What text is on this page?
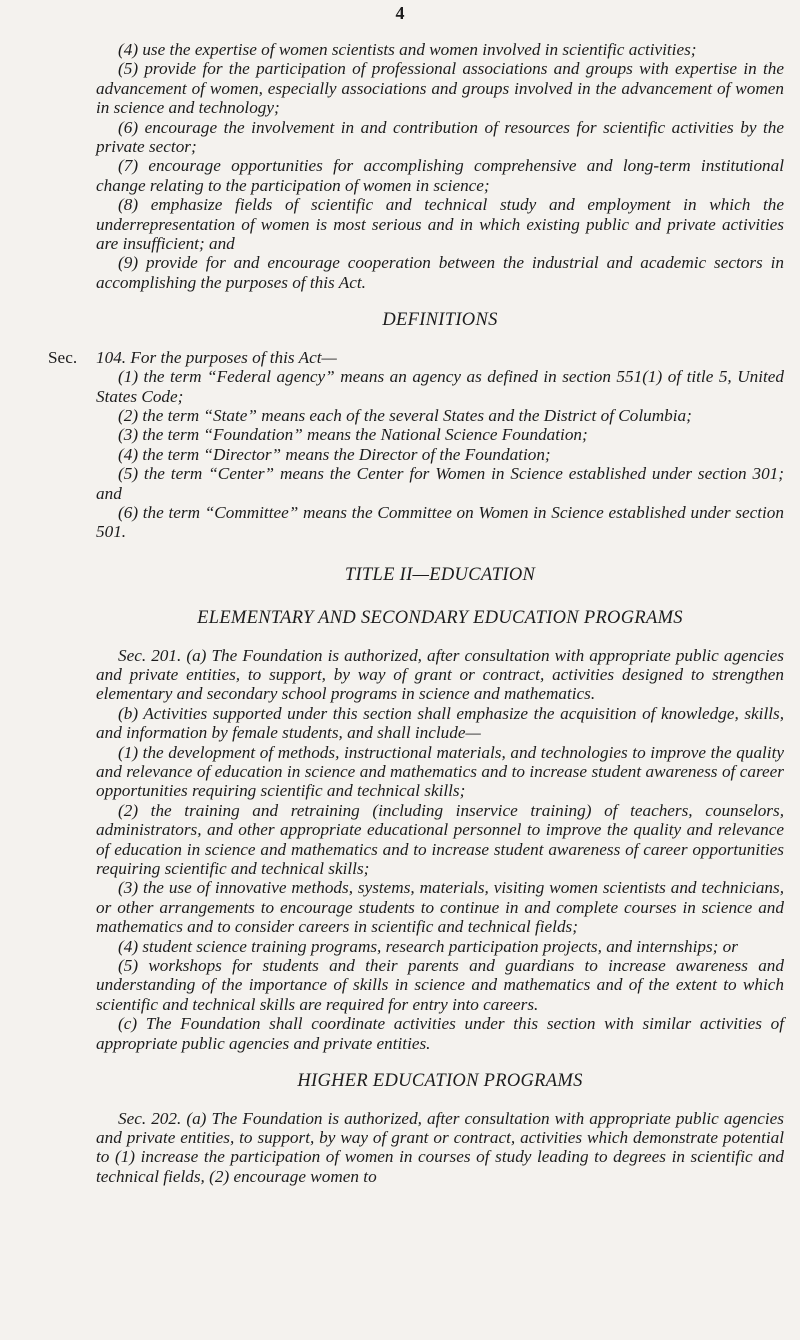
4

(4) use the expertise of women scientists and women involved in scientific activities;

(5) provide for the participation of professional associations and groups with expertise in the advancement of women, especially associations and groups involved in the advancement of women in science and technology;

(6) encourage the involvement in and contribution of resources for scientific activities by the private sector;

(7) encourage opportunities for accomplishing comprehensive and long-term institutional change relating to the participation of women in science;

(8) emphasize fields of scientific and technical study and employment in which the underrepresentation of women is most serious and in which existing public and private activities are insufficient; and

(9) provide for and encourage cooperation between the industrial and academic sectors in accomplishing the purposes of this Act.

DEFINITIONS
Sec. 104. For the purposes of this Act—

(1) the term “Federal agency” means an agency as defined in section 551(1) of title 5, United States Code;

(2) the term “State” means each of the several States and the District of Columbia;

(3) the term “Foundation” means the National Science Foundation;

(4) the term “Director” means the Director of the Foundation;

(5) the term “Center” means the Center for Women in Science established under section 301; and

(6) the term “Committee” means the Committee on Women in Science established under section 501.

TITLE II—EDUCATION
ELEMENTARY AND SECONDARY EDUCATION PROGRAMS

Sec. 201. (a) The Foundation is authorized, after consultation with appropriate public agencies and private entities, to support, by way of grant or contract, activities designed to strengthen elementary and secondary school programs in science and mathematics.

(b) Activities supported under this section shall emphasize the acquisition of knowledge, skills, and information by female students, and shall include—

(1) the development of methods, instructional materials, and technologies to improve the quality and relevance of education in science and mathematics and to increase student awareness of career opportunities requiring scientific and technical skills;

(2) the training and retraining (including inservice training) of teachers, counselors, administrators, and other appropriate educational personnel to improve the quality and relevance of education in science and mathematics and to increase student awareness of career opportunities requiring scientific and technical skills;

(3) the use of innovative methods, systems, materials, visiting women scientists and technicians, or other arrangements to encourage students to continue in and complete courses in science and mathematics and to consider careers in scientific and technical fields;

(4) student science training programs, research participation projects, and internships; or

(5) workshops for students and their parents and guardians to increase awareness and understanding of the importance of skills in science and mathematics and of the extent to which scientific and technical skills are required for entry into careers.

(c) The Foundation shall coordinate activities under this section with similar activities of appropriate public agencies and private entities.

HIGHER EDUCATION PROGRAMS

Sec. 202. (a) The Foundation is authorized, after consultation with appropriate public agencies and private entities, to support, by way of grant or contract, activities which demonstrate potential to (1) increase the participation of women in courses of study leading to degrees in scientific and technical fields, (2) encourage women to
